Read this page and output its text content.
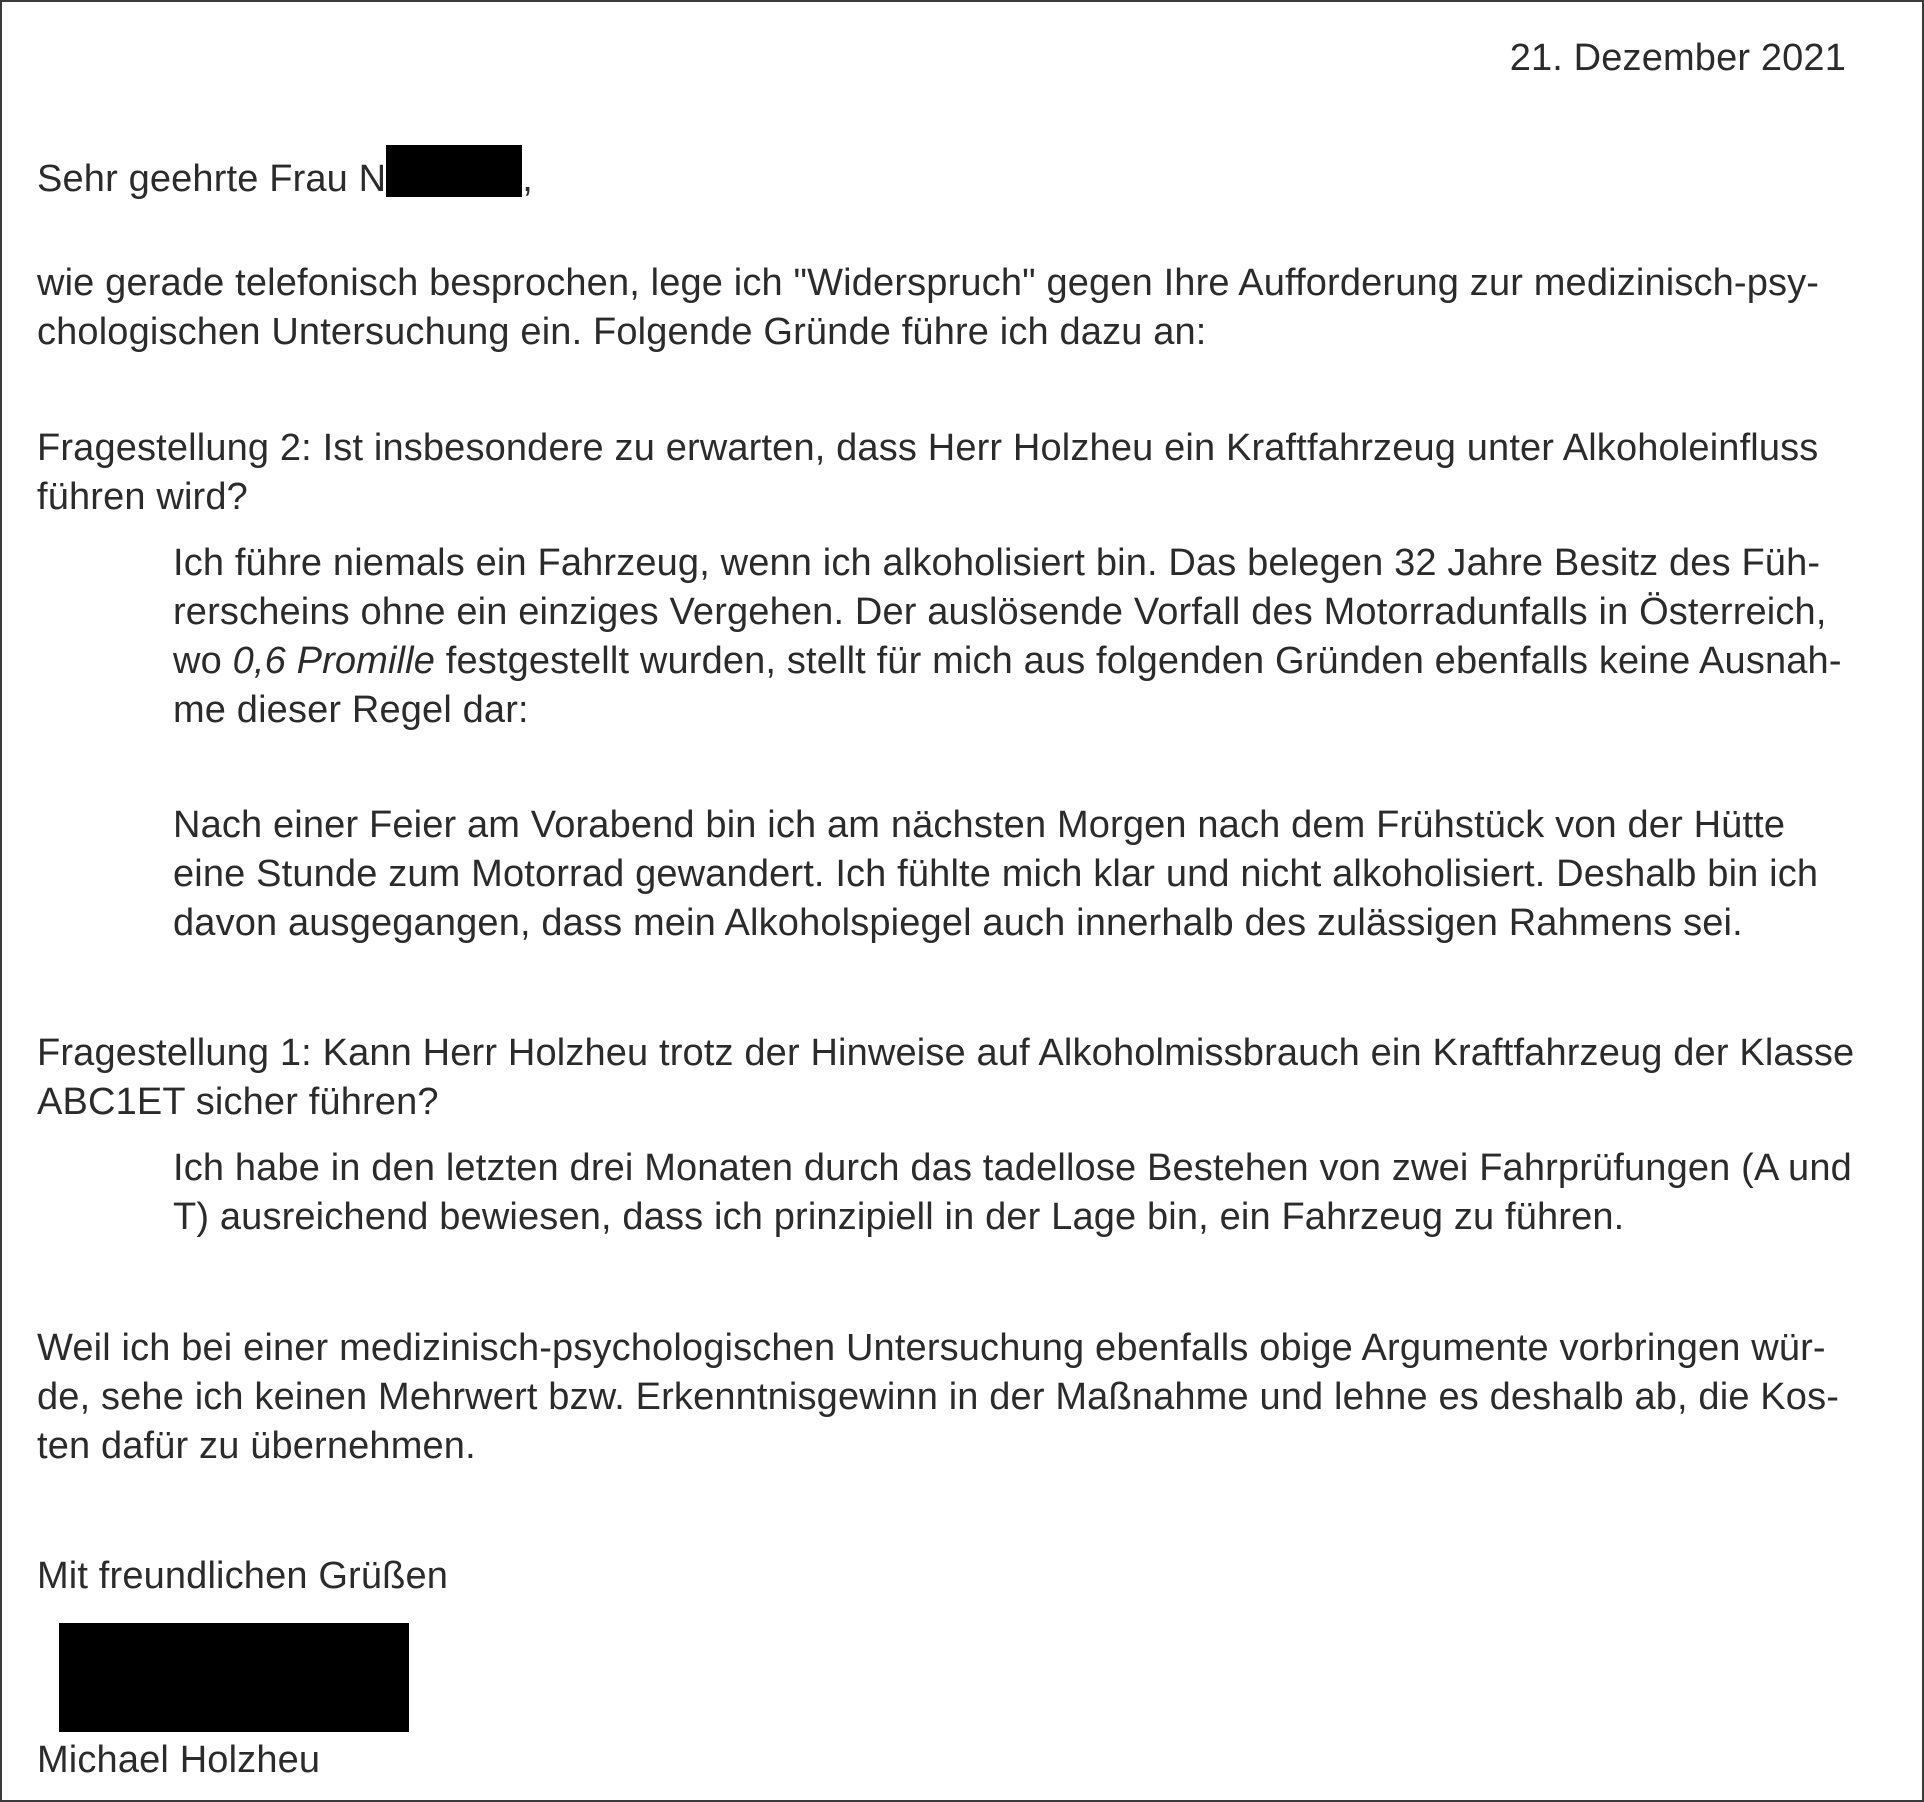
21. Dezember 2021
Sehr geehrte Frau N	,
wie gerade telefonisch besprochen, lege ich "Widerspruch" gegen Ihre Aufforderung zur medizinisch-psy-
chologischen Untersuchung ein. Folgende Gründe führe ich dazu an:
Fragestellung 2: Ist insbesondere zu erwarten, dass Herr Holzheu ein Kraftfahrzeug unter Alkoholeinfluss
führen wird?
Ich führe niemals ein Fahrzeug, wenn ich alkoholisiert bin. Das belegen 32 Jahre Besitz des Füh-
rerscheins ohne ein einziges Vergehen. Der auslösende Vorfall des Motorradunfalls in Österreich,
wo 0,6 Promille festgestellt wurden, stellt für mich aus folgenden Gründen ebenfalls keine Ausnah-
me dieser Regel dar:
Nach einer Feier am Vorabend bin ich am nächsten Morgen nach dem Frühstück von der Hütte
eine Stunde zum Motorrad gewandert. Ich fühlte mich klar und nicht alkoholisiert. Deshalb bin ich
davon ausgegangen, dass mein Alkoholspiegel auch innerhalb des zulässigen Rahmens sei.
Fragestellung 1: Kann Herr Holzheu trotz der Hinweise auf Alkoholmissbrauch ein Kraftfahrzeug der Klasse
ABC1ET sicher führen?
Ich habe in den letzten drei Monaten durch das tadellose Bestehen von zwei Fahrprüfungen (A und
T) ausreichend bewiesen, dass ich prinzipiell in der Lage bin, ein Fahrzeug zu führen.
Weil ich bei einer medizinisch-psychologischen Untersuchung ebenfalls obige Argumente vorbringen wür-
de, sehe ich keinen Mehrwert bzw. Erkenntnisgewinn in der Maßnahme und lehne es deshalb ab, die Kos-
ten dafür zu übernehmen.
Mit freundlichen Grüßen
Michael Holzheu
